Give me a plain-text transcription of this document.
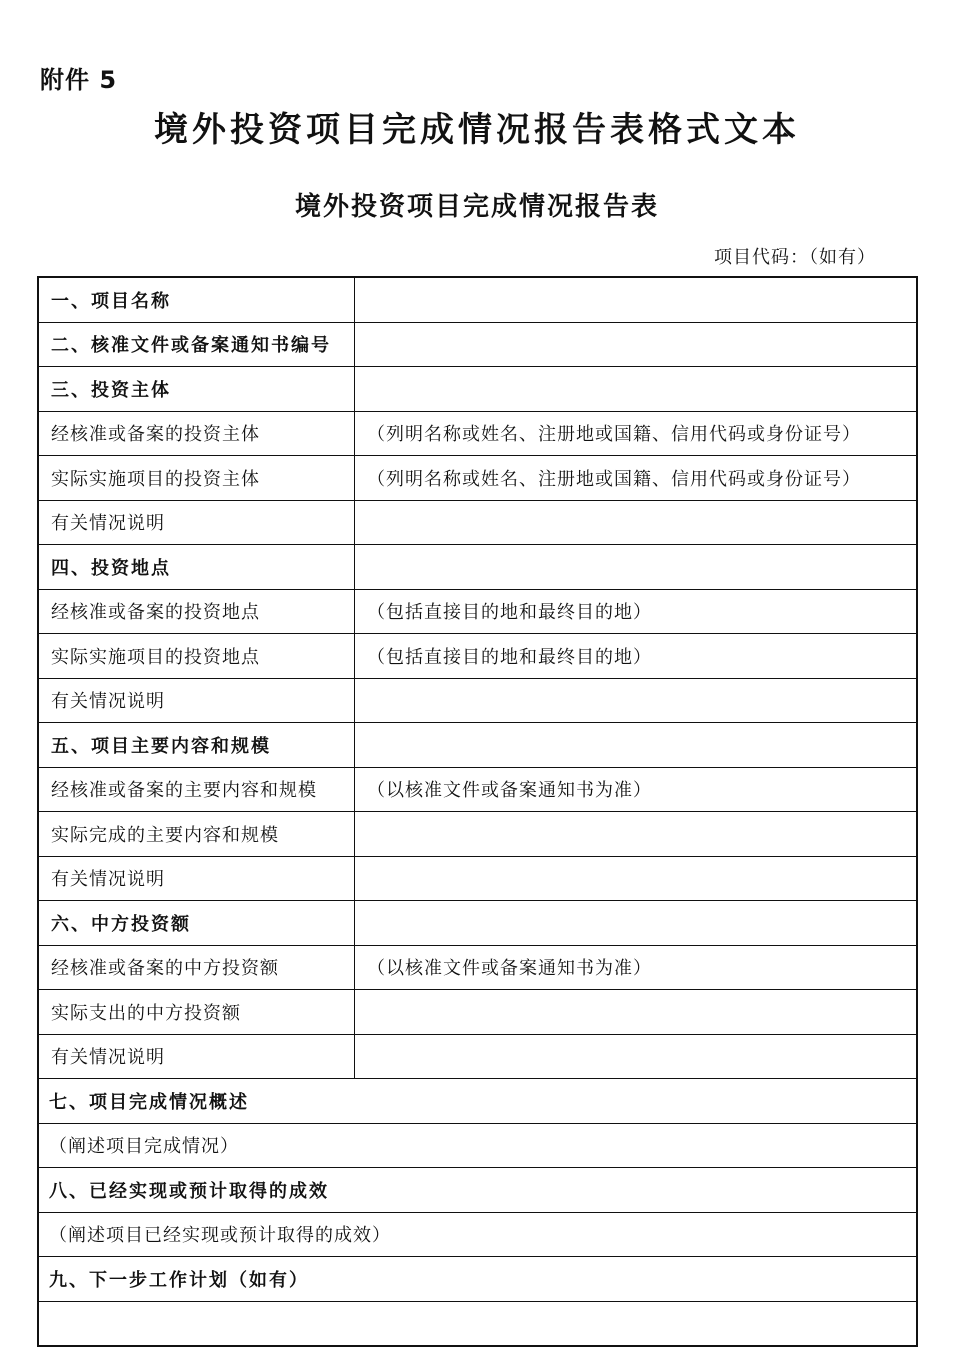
附件 5
境外投资项目完成情况报告表格式文本
境外投资项目完成情况报告表
项目代码：（如有）
一、项目名称	
二、核准文件或备案通知书编号	
三、投资主体	
经核准或备案的投资主体	（列明名称或姓名、注册地或国籍、信用代码或身份证号）
实际实施项目的投资主体	（列明名称或姓名、注册地或国籍、信用代码或身份证号）
有关情况说明	
四、投资地点	
经核准或备案的投资地点	（包括直接目的地和最终目的地）
实际实施项目的投资地点	（包括直接目的地和最终目的地）
有关情况说明	
五、项目主要内容和规模	
经核准或备案的主要内容和规模	（以核准文件或备案通知书为准）
实际完成的主要内容和规模	
有关情况说明	
六、中方投资额	
经核准或备案的中方投资额	（以核准文件或备案通知书为准）
实际支出的中方投资额	
有关情况说明	
七、项目完成情况概述	
（阐述项目完成情况）	
八、已经实现或预计取得的成效	
（阐述项目已经实现或预计取得的成效）	
九、下一步工作计划（如有）	
